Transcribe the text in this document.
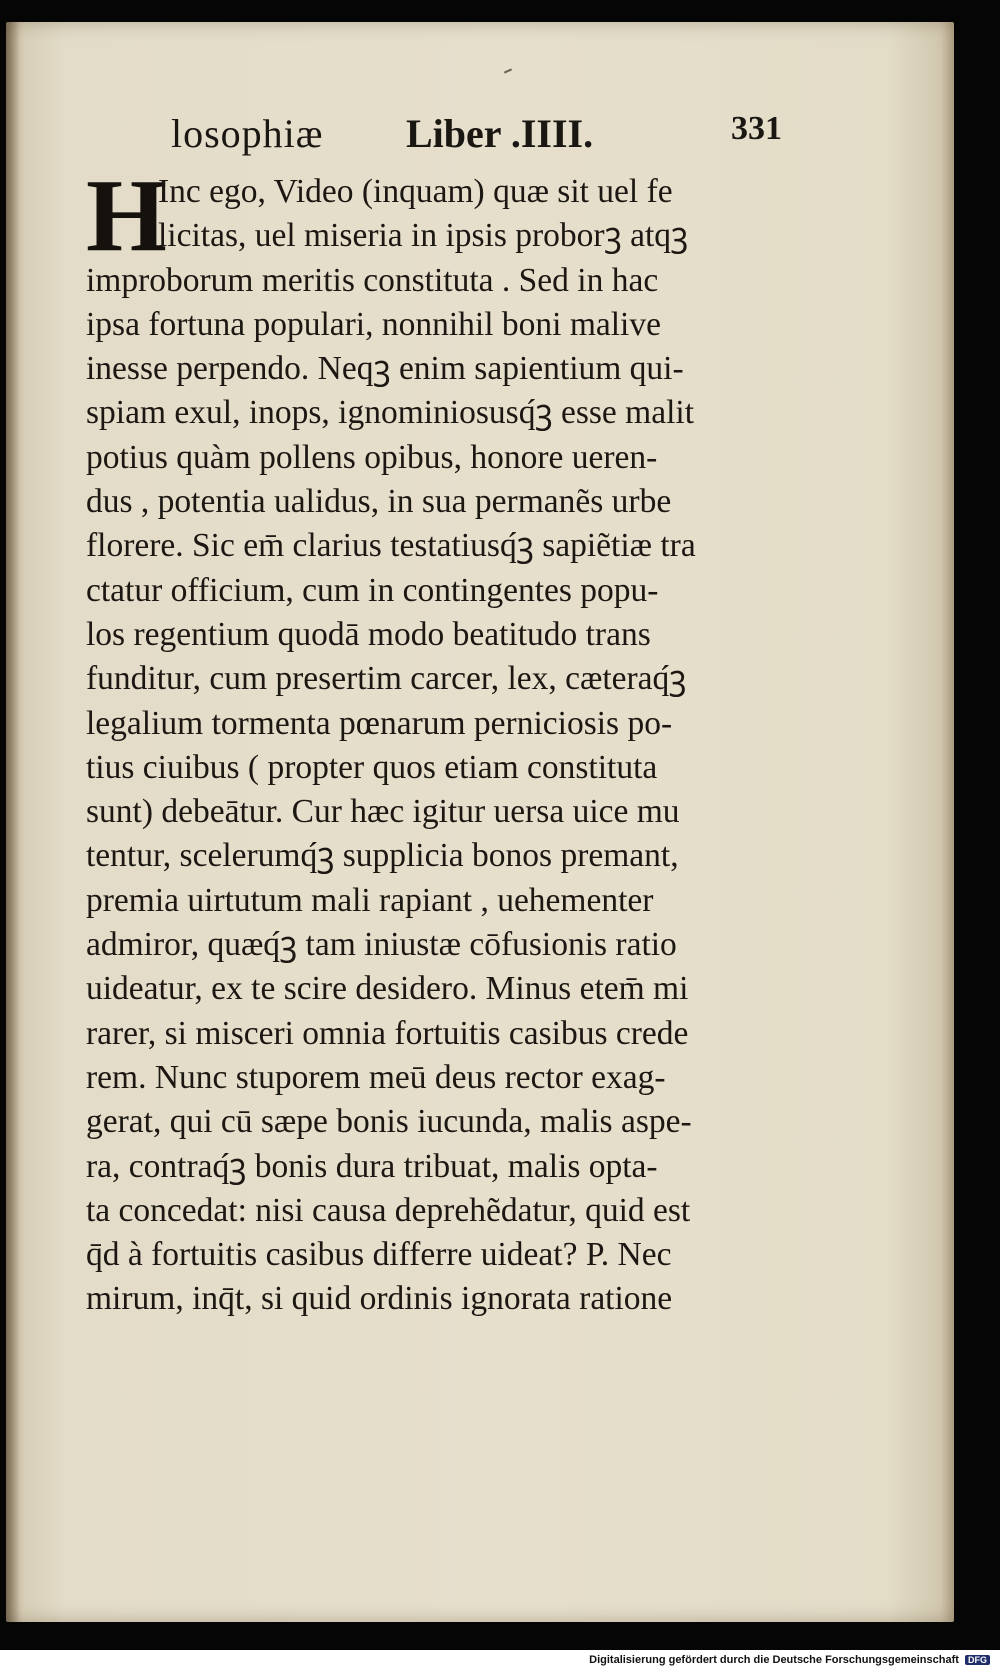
losophiæ Liber .IIII.	331
H
Inc ego, Video (inquam) quæ sit uel fe
licitas, uel miseria in ipsis proborꝫ atqꝫ
improborum meritis constituta . Sed in hac
ipsa fortuna populari, nonnihil boni malive
inesse perpendo. Neqꝫ enim sapientium qui-
spiam exul, inops, ignominiosusq́ꝫ esse malit
potius quàm pollens opibus, honore ueren-
dus , potentia ualidus, in sua permanẽs urbe
florere. Sic em̄ clarius testatiusq́ꝫ sapiẽtiæ tra
ctatur officium, cum in contingentes popu-
los regentium quodā modo beatitudo trans
funditur, cum presertim carcer, lex, cæteraq́ꝫ
legalium tormenta pœnarum perniciosis po-
tius ciuibus ( propter quos etiam constituta
sunt) debeātur. Cur hæc igitur uersa uice mu
tentur, scelerumq́ꝫ supplicia bonos premant,
premia uirtutum mali rapiant , uehementer
admiror, quæq́ꝫ tam iniustæ cōfusionis ratio
uideatur, ex te scire desidero. Minus etem̄ mi
rarer, si misceri omnia fortuitis casibus crede
rem. Nunc stuporem meū deus rector exag-
gerat, qui cū sæpe bonis iucunda, malis aspe-
ra, contraq́ꝫ bonis dura tribuat, malis opta-
ta concedat: nisi causa deprehẽdatur, quid est
q̄d à fortuitis casibus differre uideat? P. Nec
mirum, inq̄t, si quid ordinis ignorata ratione
Digitalisierung gefördert durch die Deutsche Forschungsgemeinschaft DFG
